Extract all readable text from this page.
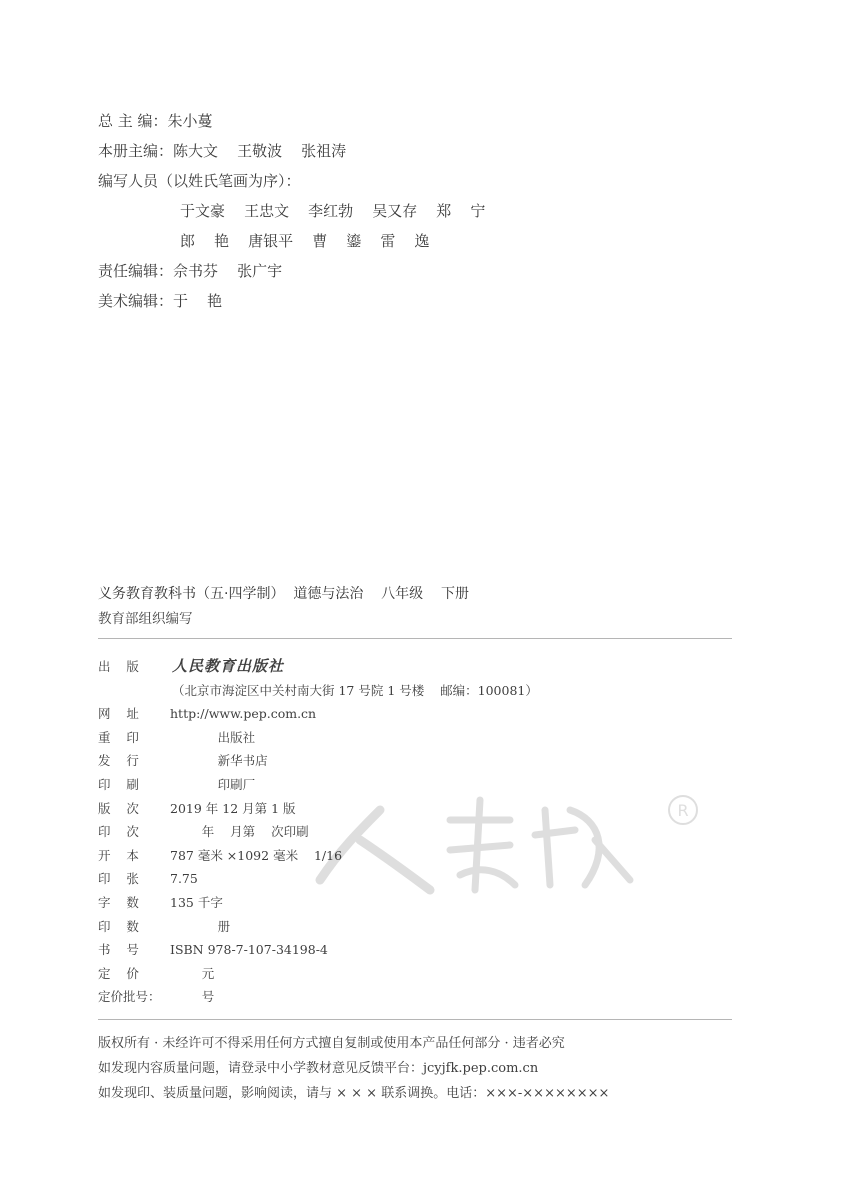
总 主 编：朱小蔓
本册主编：陈大文    王敬波    张祖涛
编写人员（以姓氏笔画为序）：
于文豪    王忠文    李红勃    吴又存    郑    宁
郎    艳    唐银平    曹    鎏    雷    逸
责任编辑：佘书芬    张广宇
美术编辑：于    艳
义务教育教科书（五·四学制）  道德与法治    八年级    下册
教育部组织编写
R
出    版 人民教育出版社
（北京市海淀区中关村南大街 17 号院 1 号楼    邮编：100081）
网    址 http://www.pep.com.cn
重    印 出版社
发    行 新华书店
印    刷 印刷厂
版    次 2019 年 12 月第 1 版
印    次 年    月第    次印刷
开    本 787 毫米 ×1092 毫米    1/16
印    张 7.75
字    数 135 千字
印    数 册
书    号 ISBN 978-7-107-34198-4
定    价 元
定价批号： 号
版权所有 · 未经许可不得采用任何方式擅自复制或使用本产品任何部分 · 违者必究
如发现内容质量问题，请登录中小学教材意见反馈平台：jcyjfk.pep.com.cn
如发现印、装质量问题，影响阅读，请与 × × × 联系调换。电话：×××-××××××××
